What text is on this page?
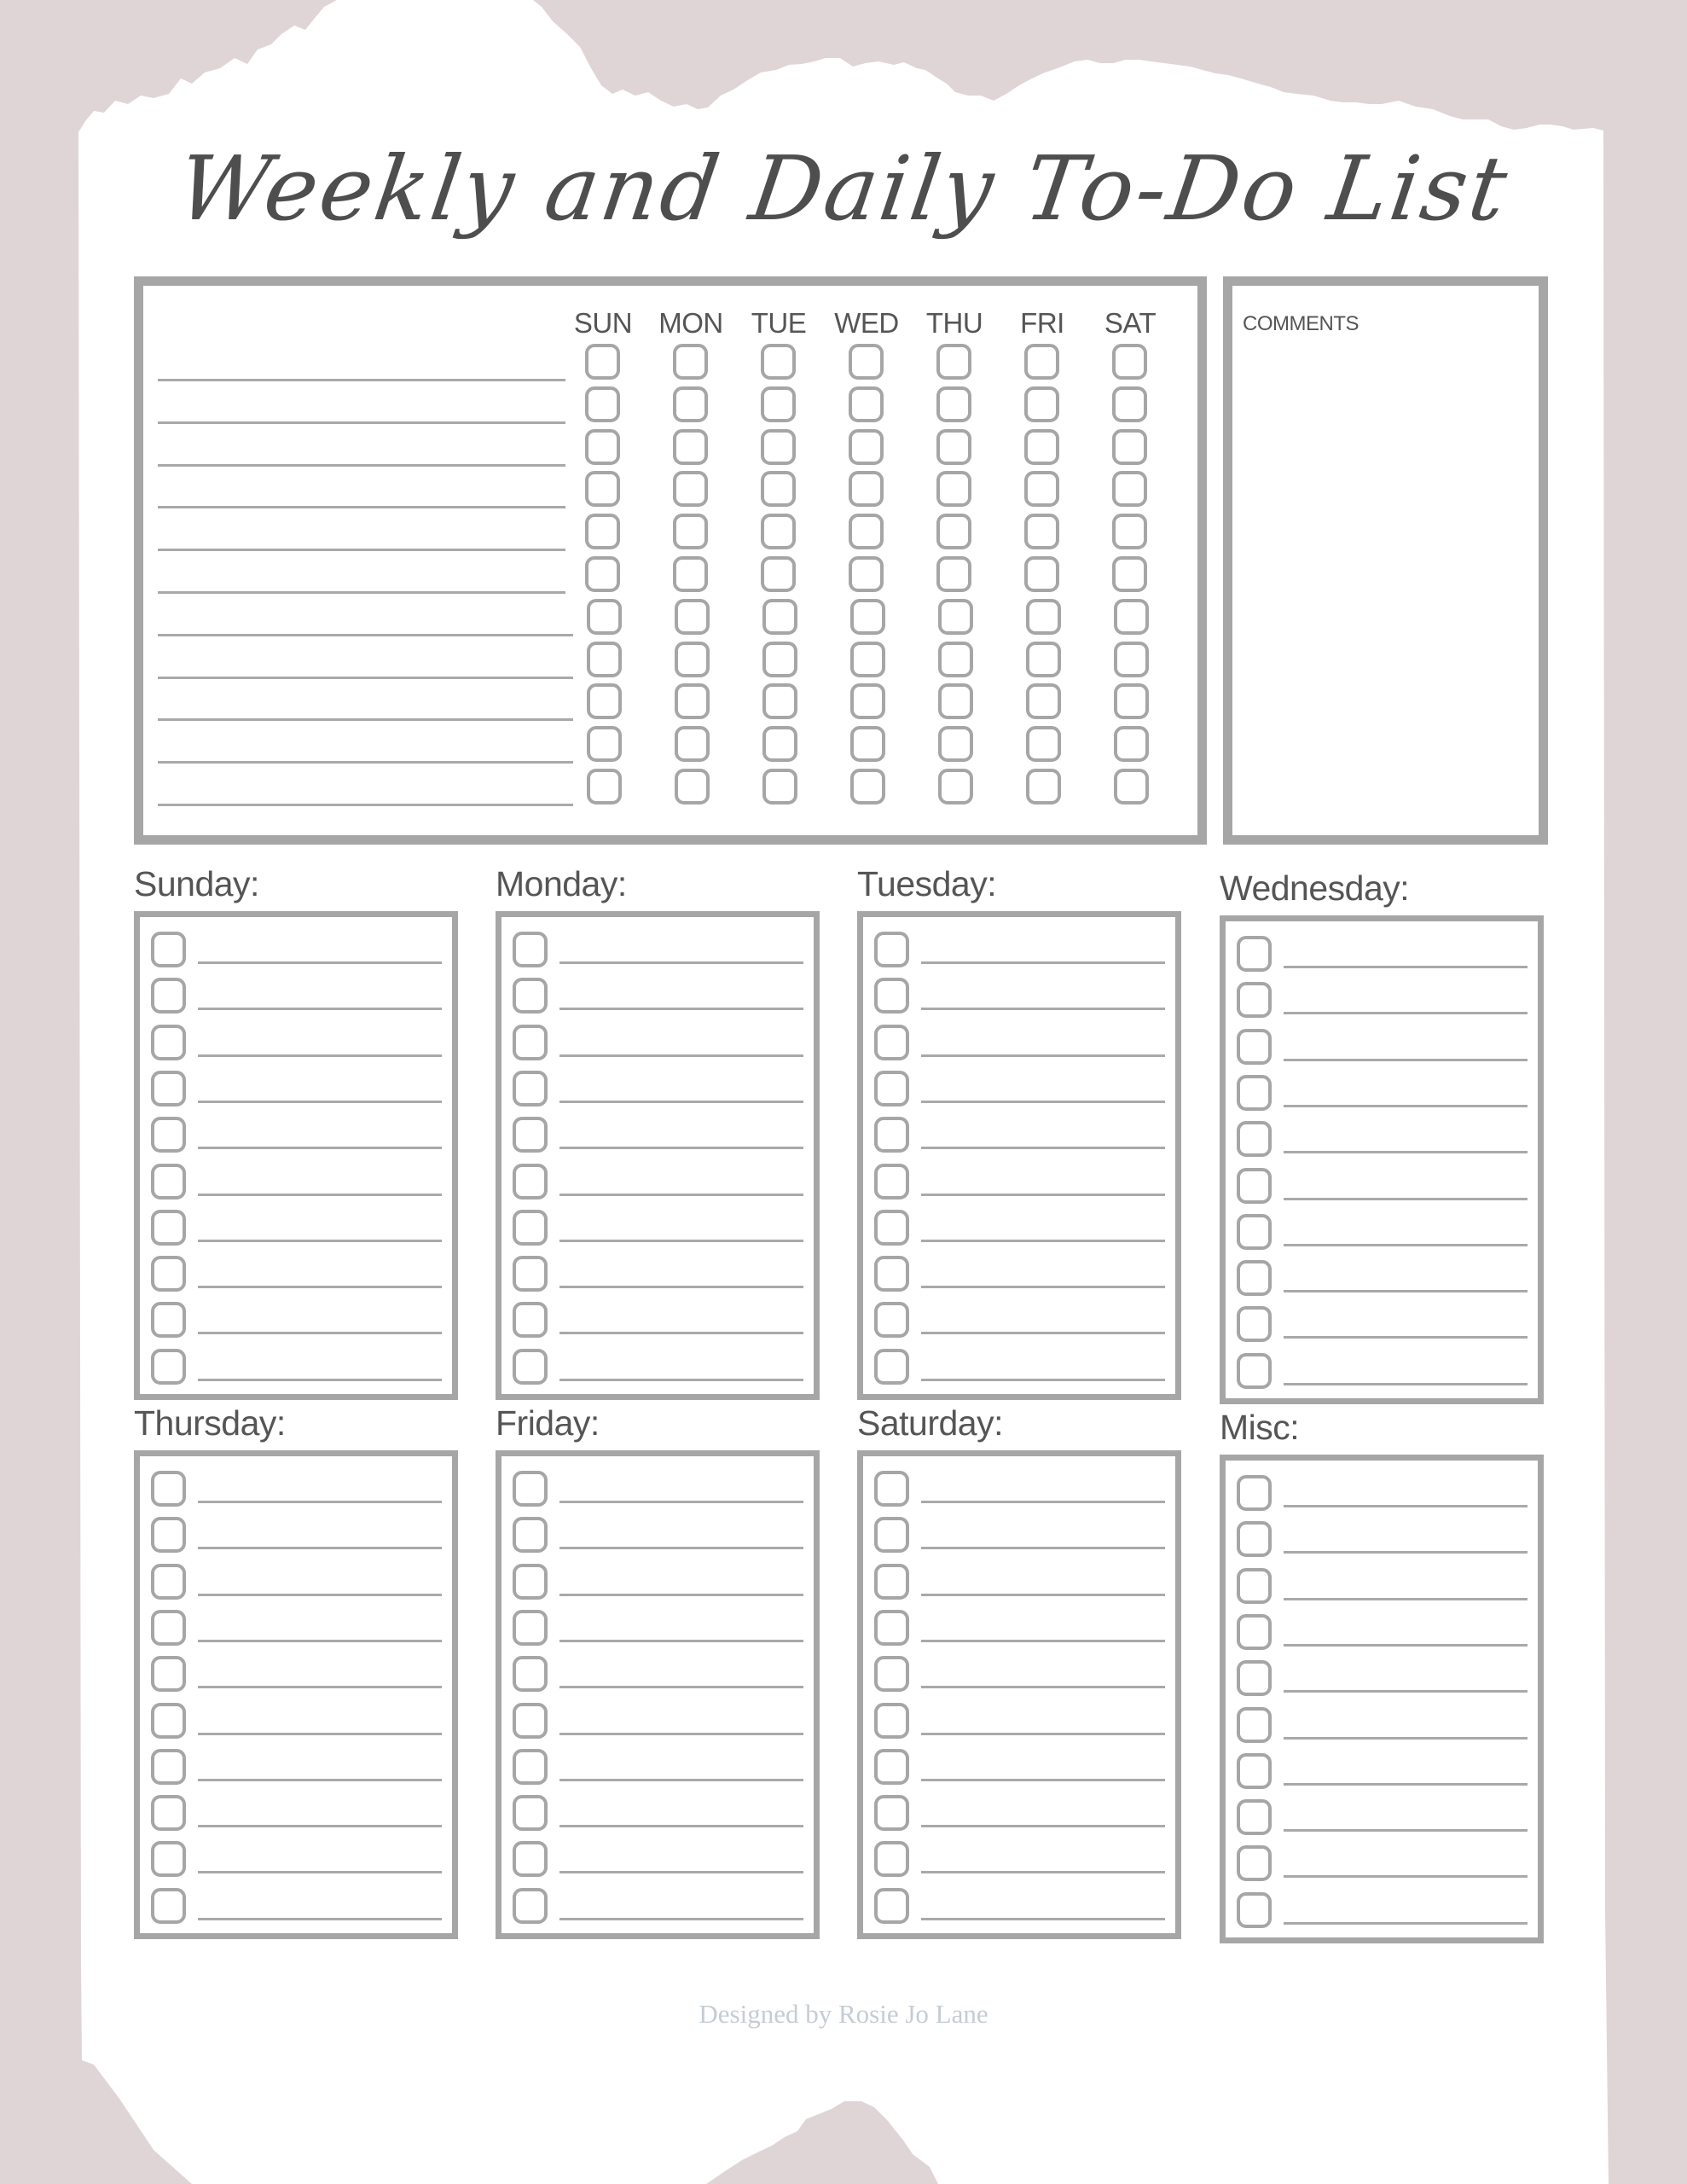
Weekly and Daily To-Do List
SUN MON TUE WED THU	FRI	SAT	COMMENTS
Sunday:	Monday:	Tuesday:	Wednesday:
Thursday:	Friday:	Saturday:	Misc:
Designed by Rosie Jo Lane
